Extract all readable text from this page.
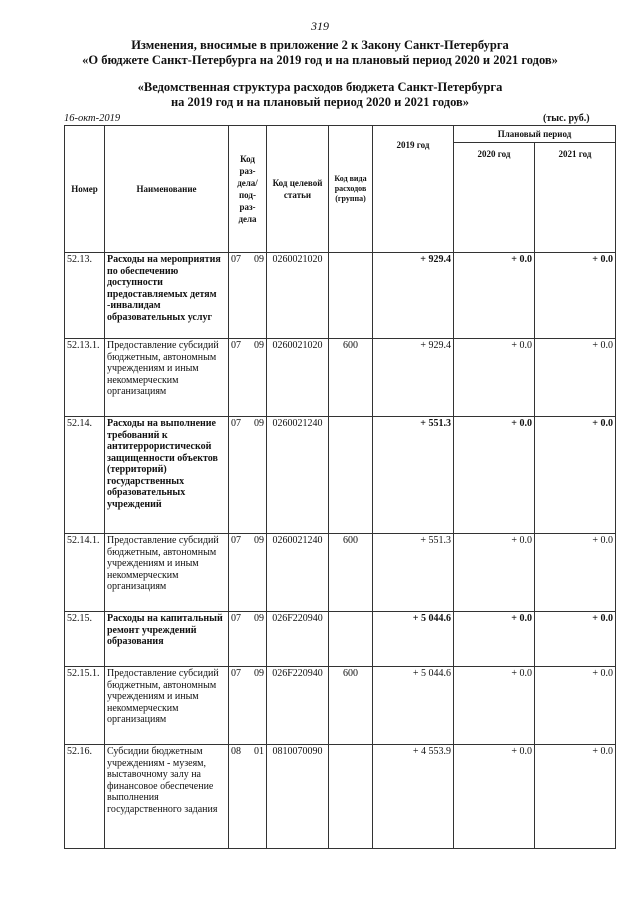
319
Изменения, вносимые в приложение 2 к Закону Санкт-Петербурга
«О бюджете Санкт-Петербурга на 2019 год и на плановый период 2020 и 2021 годов»
«Ведомственная структура расходов бюджета Санкт-Петербурга
на 2019 год и на плановый период 2020 и 2021 годов»
16-окт-2019	(тыс. руб.)
Номер	Наименование	Код раз-дела/ под-раз-дела		Код целевой статьи	Код вида расходов (группа)	2019 год	Плановый период	
							2020 год	2021 год
52.13.	Расходы на мероприятия по обеспечению доступности предоставляемых детям -инвалидам образовательных услуг	07	09	0260021020		+ 929.4	+ 0.0	+ 0.0
52.13.1.	Предоставление субсидий бюджетным, автономным учреждениям и иным некоммерческим организациям	07	09	0260021020	600	+ 929.4	+ 0.0	+ 0.0
52.14.	Расходы на выполнение требований к антитеррористической защищенности объектов (территорий) государственных образовательных учреждений	07	09	0260021240		+ 551.3	+ 0.0	+ 0.0
52.14.1.	Предоставление субсидий бюджетным, автономным учреждениям и иным некоммерческим организациям	07	09	0260021240	600	+ 551.3	+ 0.0	+ 0.0
52.15.	Расходы на капитальный ремонт учреждений образования	07	09	026F220940		+ 5 044.6	+ 0.0	+ 0.0
52.15.1.	Предоставление субсидий бюджетным, автономным учреждениям и иным некоммерческим организациям	07	09	026F220940	600	+ 5 044.6	+ 0.0	+ 0.0
52.16.	Субсидии бюджетным учреждениям - музеям, выставочному залу на финансовое обеспечение выполнения государственного задания	08	01	0810070090		+ 4 553.9	+ 0.0	+ 0.0
